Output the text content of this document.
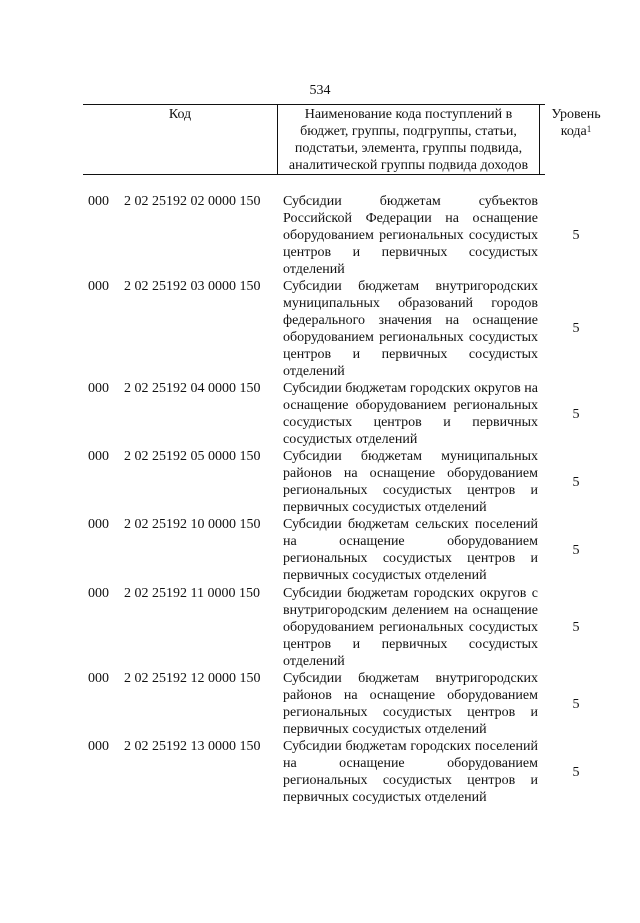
534
Код	Наименование кода поступлений в
бюджет, группы, подгруппы, статьи,
подстатьи, элемента, группы подвида,
аналитической группы подвида доходов
Уровень
кода$^1$
000 2 02 25192 02 0000 150 Субсидии бюджетам субъектов Российской Федерации на оснащение оборудованием региональных сосудистых центров и первичных сосудистых отделений
5
000 2 02 25192 03 0000 150 Субсидии бюджетам внутригородских муниципальных образований городов федерального значения на оснащение оборудованием региональных сосудистых центров и первичных сосудистых отделений
5
000 2 02 25192 04 0000 150 Субсидии бюджетам городских округов на оснащение оборудованием региональных сосудистых центров и первичных сосудистых отделений
5
000 2 02 25192 05 0000 150 Субсидии бюджетам муниципальных районов на оснащение оборудованием региональных сосудистых центров и первичных сосудистых отделений
5
000 2 02 25192 10 0000 150 Субсидии бюджетам сельских поселений на оснащение оборудованием региональных сосудистых центров и первичных сосудистых отделений
5
000 2 02 25192 11 0000 150 Субсидии бюджетам городских округов с внутригородским делением на оснащение оборудованием региональных сосудистых центров и первичных сосудистых отделений
5
000 2 02 25192 12 0000 150 Субсидии бюджетам внутригородских районов на оснащение оборудованием региональных сосудистых центров и первичных сосудистых отделений
5
000 2 02 25192 13 0000 150 Субсидии бюджетам городских поселений на оснащение оборудованием региональных сосудистых центров и первичных сосудистых отделений
5
